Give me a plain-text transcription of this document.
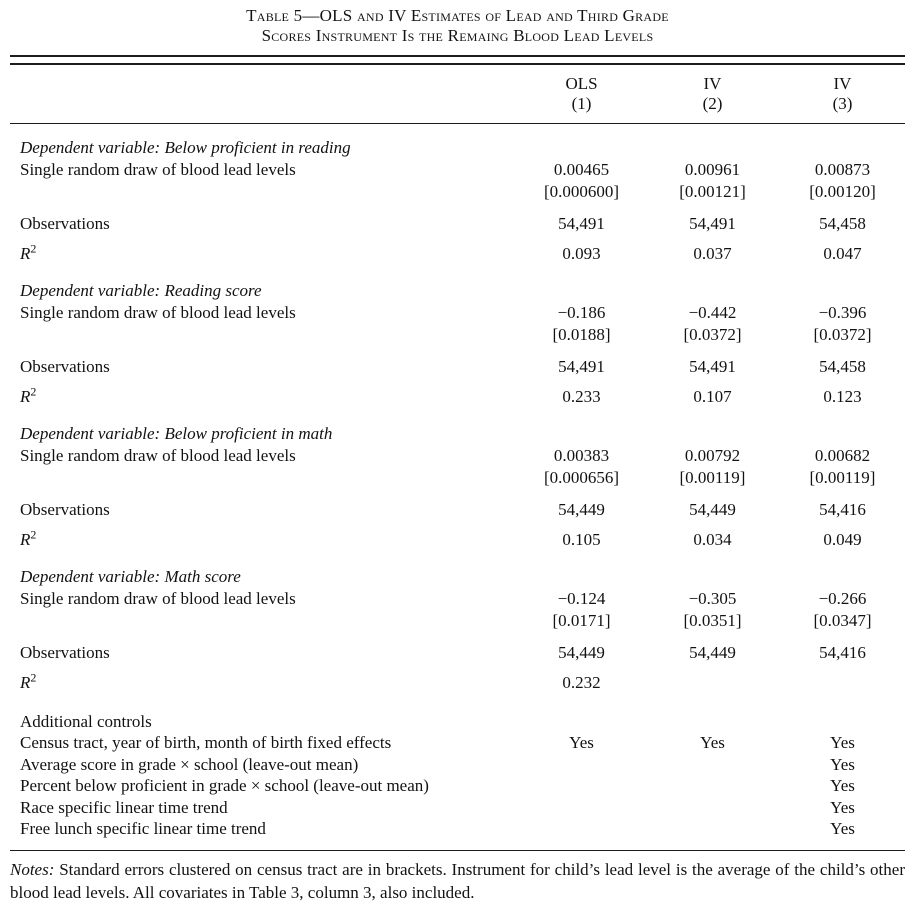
Table 5—OLS and IV Estimates of Lead and Third Grade
Scores Instrument Is the Remaing Blood Lead Levels
	OLS	IV	IV
	(1)	(2)	(3)
Dependent variable: Below proficient in reading			
Single random draw of blood lead levels	0.00465	0.00961	0.00873
	[0.000600]	[0.00121]	[0.00120]
Observations	54,491	54,491	54,458
$R^2$	0.093	0.037	0.047
Dependent variable: Reading score			
Single random draw of blood lead levels	−0.186	−0.442	−0.396
	[0.0188]	[0.0372]	[0.0372]
Observations	54,491	54,491	54,458
$R^2$	0.233	0.107	0.123
Dependent variable: Below proficient in math			
Single random draw of blood lead levels	0.00383	0.00792	0.00682
	[0.000656]	[0.00119]	[0.00119]
Observations	54,449	54,449	54,416
$R^2$	0.105	0.034	0.049
Dependent variable: Math score			
Single random draw of blood lead levels	−0.124	−0.305	−0.266
	[0.0171]	[0.0351]	[0.0347]
Observations	54,449	54,449	54,416
$R^2$	0.232		
Additional controls			
Census tract, year of birth, month of birth fixed effects	Yes	Yes	Yes
Average score in grade × school (leave-out mean)			Yes
Percent below proficient in grade × school (leave-out mean)			Yes
Race specific linear time trend			Yes
Free lunch specific linear time trend			Yes

Notes: Standard errors clustered on census tract are in brackets. Instrument for child’s lead level is the average of the child’s other blood lead levels. All covariates in Table 3, column 3, also included.
